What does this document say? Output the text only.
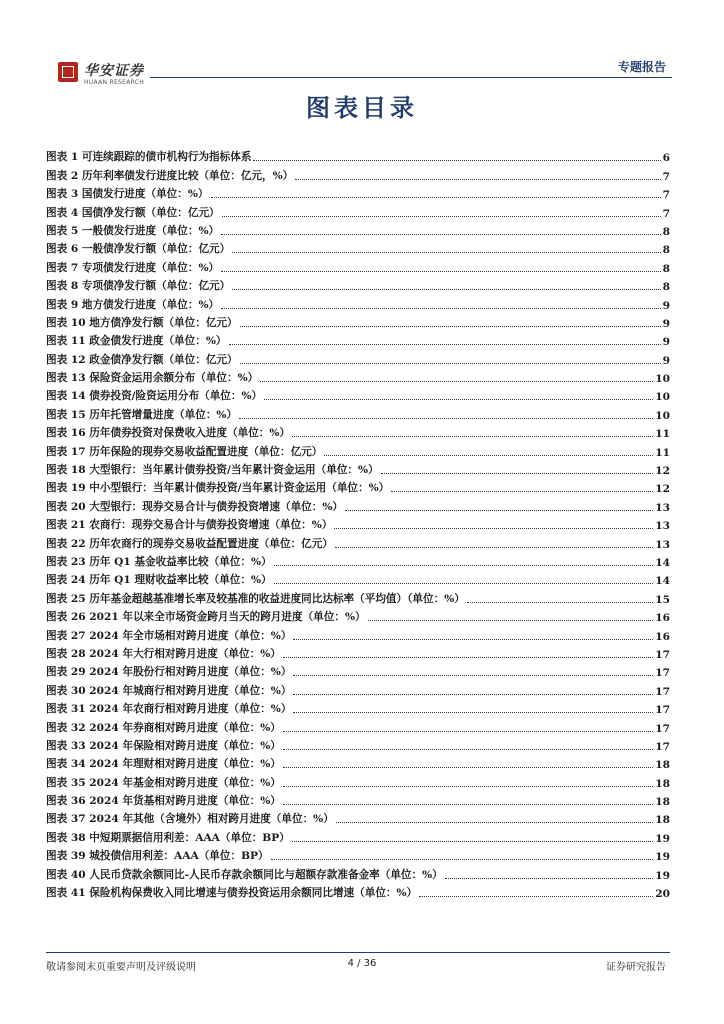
华安证券
HUAAN RESEARCH
专题报告
图表目录
图表 1 可连续跟踪的债市机构行为指标体系	6
图表 2 历年利率债发行进度比较（单位：亿元，%）	7
图表 3 国债发行进度（单位：%）	7
图表 4 国债净发行额（单位：亿元）	7
图表 5 一般债发行进度（单位：%）	8
图表 6 一般债净发行额（单位：亿元）	8
图表 7 专项债发行进度（单位：%）	8
图表 8 专项债净发行额（单位：亿元）	8
图表 9 地方债发行进度（单位：%）	9
图表 10 地方债净发行额（单位：亿元）	9
图表 11 政金债发行进度（单位：%）	9
图表 12 政金债净发行额（单位：亿元）	9
图表 13 保险资金运用余额分布（单位：%）	10
图表 14 债券投资/险资运用分布（单位：%）	10
图表 15 历年托管增量进度（单位：%）	10
图表 16 历年债券投资对保费收入进度（单位：%）	11
图表 17 历年保险的现券交易收益配置进度（单位：亿元）	11
图表 18 大型银行：当年累计债券投资/当年累计资金运用（单位：%）	12
图表 19 中小型银行：当年累计债券投资/当年累计资金运用（单位：%）	12
图表 20 大型银行：现券交易合计与债券投资增速（单位：%）	13
图表 21 农商行：现券交易合计与债券投资增速（单位：%）	13
图表 22 历年农商行的现券交易收益配置进度（单位：亿元）	13
图表 23 历年 Q1 基金收益率比较（单位：%）	14
图表 24 历年 Q1 理财收益率比较（单位：%）	14
图表 25 历年基金超越基准增长率及较基准的收益进度同比达标率（平均值）（单位：%）	15
图表 26 2021 年以来全市场资金跨月当天的跨月进度（单位：%）	16
图表 27 2024 年全市场相对跨月进度（单位：%）	16
图表 28 2024 年大行相对跨月进度（单位：%）	17
图表 29 2024 年股份行相对跨月进度（单位：%）	17
图表 30 2024 年城商行相对跨月进度（单位：%）	17
图表 31 2024 年农商行相对跨月进度（单位：%）	17
图表 32 2024 年券商相对跨月进度（单位：%）	17
图表 33 2024 年保险相对跨月进度（单位：%）	17
图表 34 2024 年理财相对跨月进度（单位：%）	18
图表 35 2024 年基金相对跨月进度（单位：%）	18
图表 36 2024 年货基相对跨月进度（单位：%）	18
图表 37 2024 年其他（含境外）相对跨月进度（单位：%）	18
图表 38 中短期票据信用利差：AAA（单位：BP）	19
图表 39 城投债信用利差：AAA（单位：BP）	19
图表 40 人民币贷款余额同比-人民币存款余额同比与超额存款准备金率（单位：%）	19
图表 41 保险机构保费收入同比增速与债券投资运用余额同比增速（单位：%）	20
敬请参阅末页重要声明及评级说明	4 / 36	证券研究报告
